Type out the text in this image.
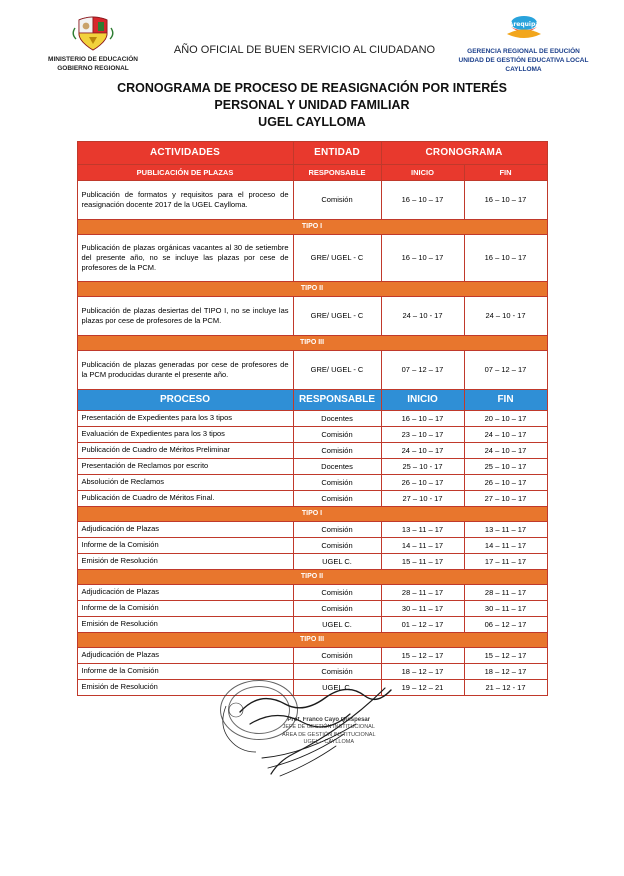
MINISTERIO DE EDUCACIÓN
GOBIERNO REGIONAL
AÑO OFICIAL DE BUEN SERVICIO AL CIUDADANO
Arequipa
GERENCIA REGIONAL DE EDUCIÓN
UNIDAD DE GESTIÓN EDUCATIVA LOCAL
CAYLLOMA
CRONOGRAMA DE PROCESO DE REASIGNACIÓN POR INTERÉS
PERSONAL Y UNIDAD FAMILIAR
UGEL CAYLLOMA
ACTIVIDADES	ENTIDAD	CRONOGRAMA	
PUBLICACIÓN DE PLAZAS	RESPONSABLE	INICIO	FIN
Publicación de formatos y requisitos para el proceso de reasignación docente 2017 de la UGEL Caylloma.	Comisión	16 – 10 – 17	16 – 10 – 17
TIPO I			
Publicación de plazas orgánicas vacantes al 30 de setiembre del presente año, no se incluye las plazas por cese de profesores de la PCM.	GRE/ UGEL - C	16 – 10 – 17	16 – 10 – 17
TIPO II			
Publicación de plazas desiertas del TIPO I, no se incluye las plazas por cese de profesores de la PCM.	GRE/ UGEL - C	24 – 10 - 17	24 – 10 - 17
TIPO III			
Publicación de plazas generadas por cese de profesores de la PCM producidas durante el presente año.	GRE/ UGEL - C	07 – 12 – 17	07 – 12 – 17
PROCESO	RESPONSABLE	INICIO	FIN
Presentación de Expedientes para los 3 tipos	Docentes	16 – 10 – 17	20 – 10 – 17
Evaluación de Expedientes para los 3 tipos	Comisión	23 – 10 – 17	24 – 10 – 17
Publicación de Cuadro de Méritos Preliminar	Comisión	24 – 10 – 17	24 – 10 – 17
Presentación de Reclamos por escrito	Docentes	25 – 10 - 17	25 – 10 – 17
Absolución de Reclamos	Comisión	26 – 10 – 17	26 – 10 – 17
Publicación de Cuadro de Méritos Final.	Comisión	27 – 10 - 17	27 – 10 – 17
TIPO I			
Adjudicación de Plazas	Comisión	13 – 11 – 17	13 – 11 – 17
Informe de la Comisión	Comisión	14 – 11 – 17	14 – 11 – 17
Emisión de Resolución	UGEL C.	15 – 11 – 17	17 – 11 – 17
TIPO II			
Adjudicación de Plazas	Comisión	28 – 11 – 17	28 – 11 – 17
Informe de la Comisión	Comisión	30 – 11 – 17	30 – 11 – 17
Emisión de Resolución	UGEL C.	01 – 12 – 17	06 – 12 – 17
TIPO III			
Adjudicación de Plazas	Comisión	15 – 12 – 17	15 – 12 – 17
Informe de la Comisión	Comisión	18 – 12 – 17	18 – 12 – 17
Emisión de Resolución	UGEL C.	19 – 12 – 21	21 – 12 - 17
Prof. Franco Cayo Quispesar
JEFE DE GESTIÓN INSTITUCIONAL
ÁREA DE GESTIÓN INSTITUCIONAL
UGEL – CAYLLOMA
